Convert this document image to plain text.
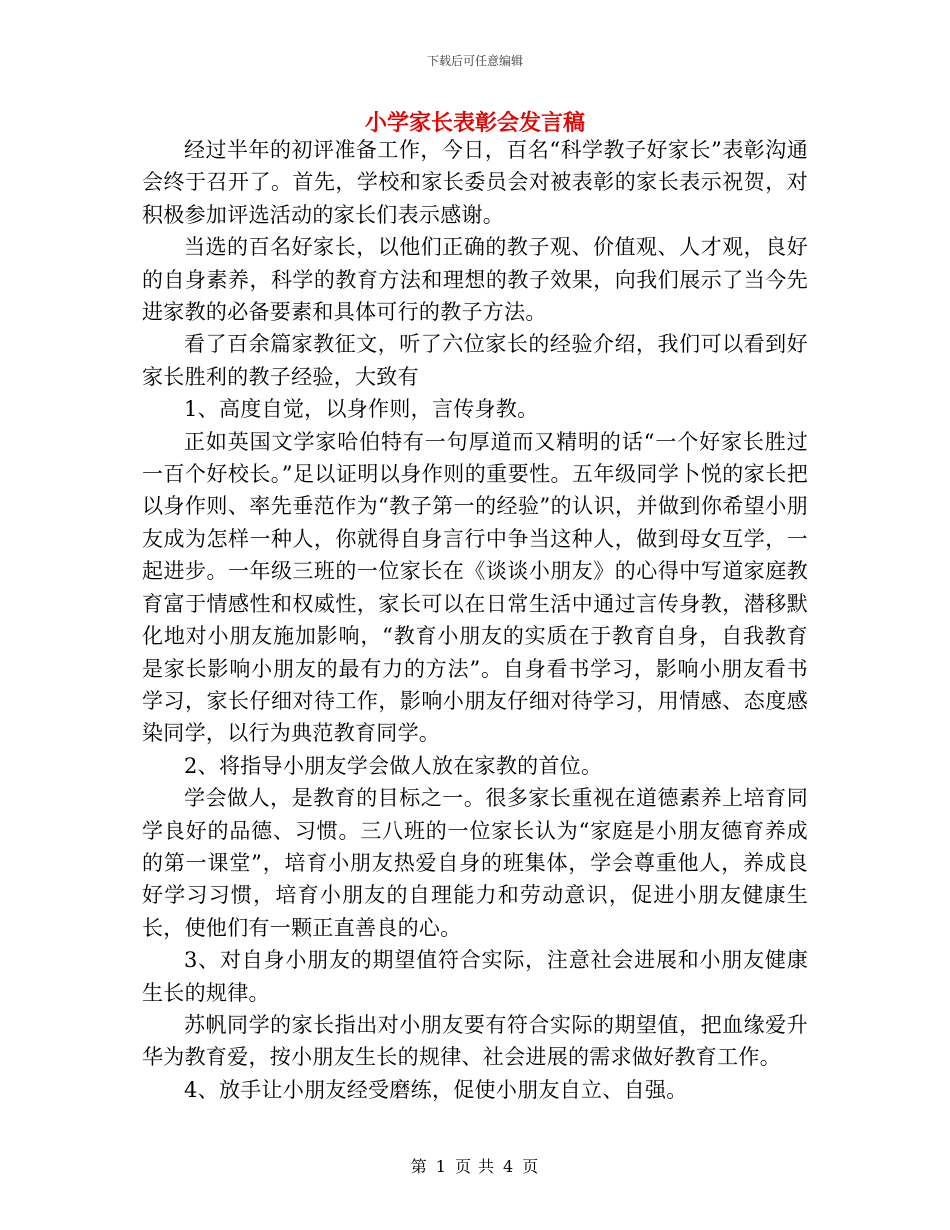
下载后可任意编辑
小学家长表彰会发言稿

经过半年的初评准备工作，今日，百名“科学教子好家长”表彰沟通会终于召开了。首先，学校和家长委员会对被表彰的家长表示祝贺，对积极参加评选活动的家长们表示感谢。

当选的百名好家长，以他们正确的教子观、价值观、人才观，良好的自身素养，科学的教育方法和理想的教子效果，向我们展示了当今先进家教的必备要素和具体可行的教子方法。

看了百余篇家教征文，听了六位家长的经验介绍，我们可以看到好家长胜利的教子经验，大致有

1、高度自觉，以身作则，言传身教。

正如英国文学家哈伯特有一句厚道而又精明的话“一个好家长胜过一百个好校长。”足以证明以身作则的重要性。五年级同学卜悦的家长把以身作则、率先垂范作为“教子第一的经验”的认识，并做到你希望小朋友成为怎样一种人，你就得自身言行中争当这种人，做到母女互学，一起进步。一年级三班的一位家长在《谈谈小朋友》的心得中写道家庭教育富于情感性和权威性，家长可以在日常生活中通过言传身教，潜移默化地对小朋友施加影响，“教育小朋友的实质在于教育自身，自我教育是家长影响小朋友的最有力的方法”。自身看书学习，影响小朋友看书学习，家长仔细对待工作，影响小朋友仔细对待学习，用情感、态度感染同学，以行为典范教育同学。

2、将指导小朋友学会做人放在家教的首位。

学会做人，是教育的目标之一。很多家长重视在道德素养上培育同学良好的品德、习惯。三八班的一位家长认为“家庭是小朋友德育养成的第一课堂”，培育小朋友热爱自身的班集体，学会尊重他人，养成良好学习习惯，培育小朋友的自理能力和劳动意识，促进小朋友健康生长，使他们有一颗正直善良的心。

3、对自身小朋友的期望值符合实际，注意社会进展和小朋友健康生长的规律。

苏帆同学的家长指出对小朋友要有符合实际的期望值，把血缘爱升华为教育爱，按小朋友生长的规律、社会进展的需求做好教育工作。

4、放手让小朋友经受磨练，促使小朋友自立、自强。

第 1 页 共 4 页
